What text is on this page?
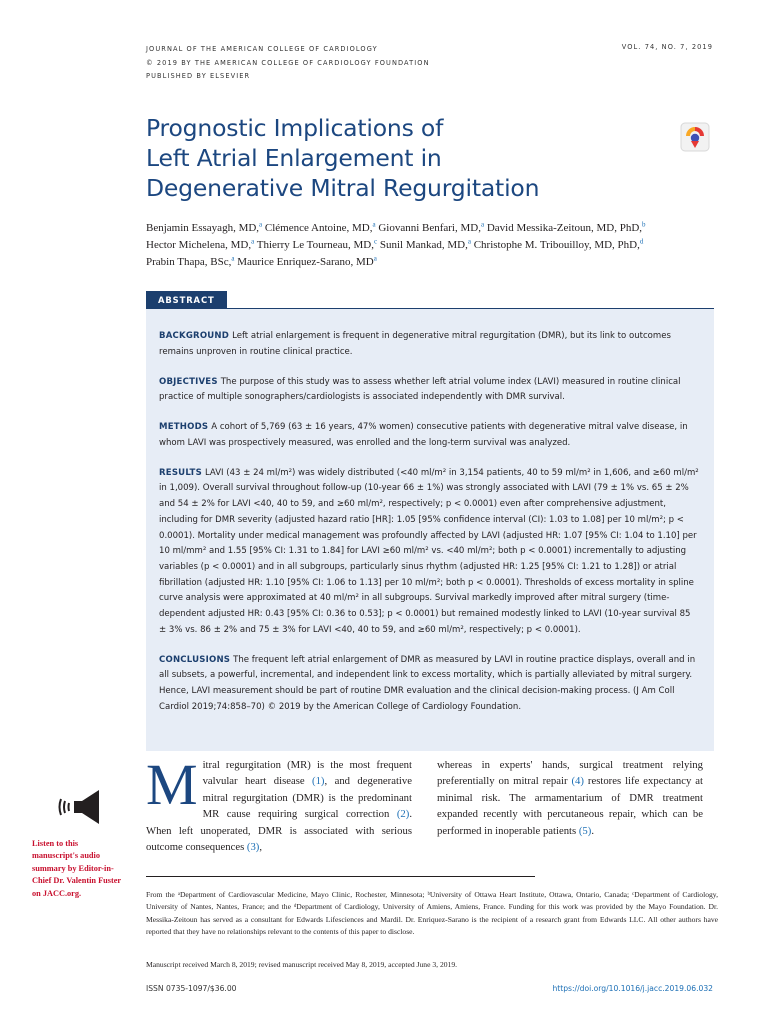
JOURNAL OF THE AMERICAN COLLEGE OF CARDIOLOGY
© 2019 BY THE AMERICAN COLLEGE OF CARDIOLOGY FOUNDATION
PUBLISHED BY ELSEVIER
VOL. 74, NO. 7, 2019
Prognostic Implications of
Left Atrial Enlargement in
Degenerative Mitral Regurgitation
Benjamin Essayagh, MD,$^a$ Clémence Antoine, MD,$^a$ Giovanni Benfari, MD,$^a$ David Messika-Zeitoun, MD, PhD,$^b$
Hector Michelena, MD,$^a$ Thierry Le Tourneau, MD,$^c$ Sunil Mankad, MD,$^a$ Christophe M. Tribouilloy, MD, PhD,$^d$
Prabin Thapa, BSc,$^a$ Maurice Enriquez-Sarano, MD$^a$
ABSTRACT

BACKGROUND Left atrial enlargement is frequent in degenerative mitral regurgitation (DMR), but its link to outcomes remains unproven in routine clinical practice.

OBJECTIVES The purpose of this study was to assess whether left atrial volume index (LAVI) measured in routine clinical practice of multiple sonographers/cardiologists is associated independently with DMR survival.

METHODS A cohort of 5,769 (63 ± 16 years, 47% women) consecutive patients with degenerative mitral valve disease, in whom LAVI was prospectively measured, was enrolled and the long-term survival was analyzed.

RESULTS LAVI (43 ± 24 ml/m²) was widely distributed (<40 ml/m² in 3,154 patients, 40 to 59 ml/m² in 1,606, and ≥60 ml/m² in 1,009). Overall survival throughout follow-up (10-year 66 ± 1%) was strongly associated with LAVI (79 ± 1% vs. 65 ± 2% and 54 ± 2% for LAVI <40, 40 to 59, and ≥60 ml/m², respectively; p < 0.0001) even after comprehensive adjustment, including for DMR severity (adjusted hazard ratio [HR]: 1.05 [95% confidence interval (CI): 1.03 to 1.08] per 10 ml/m²; p < 0.0001). Mortality under medical management was profoundly affected by LAVI (adjusted HR: 1.07 [95% CI: 1.04 to 1.10] per 10 ml/mm² and 1.55 [95% CI: 1.31 to 1.84] for LAVI ≥60 ml/m² vs. <40 ml/m²; both p < 0.0001) incrementally to adjusting variables (p < 0.0001) and in all subgroups, particularly sinus rhythm (adjusted HR: 1.25 [95% CI: 1.21 to 1.28]) or atrial fibrillation (adjusted HR: 1.10 [95% CI: 1.06 to 1.13] per 10 ml/m²; both p < 0.0001). Thresholds of excess mortality in spline curve analysis were approximated at 40 ml/m² in all subgroups. Survival markedly improved after mitral surgery (time-dependent adjusted HR: 0.43 [95% CI: 0.36 to 0.53]; p < 0.0001) but remained modestly linked to LAVI (10-year survival 85 ± 3% vs. 86 ± 2% and 75 ± 3% for LAVI <40, 40 to 59, and ≥60 ml/m², respectively; p < 0.0001).

CONCLUSIONS The frequent left atrial enlargement of DMR as measured by LAVI in routine practice displays, overall and in all subsets, a powerful, incremental, and independent link to excess mortality, which is partially alleviated by mitral surgery. Hence, LAVI measurement should be part of routine DMR evaluation and the clinical decision-making process. (J Am Coll Cardiol 2019;74:858–70) © 2019 by the American College of Cardiology Foundation.

Listen to this manuscript's audio summary by Editor-in-Chief Dr. Valentin Fuster on JACC.org.
Mitral regurgitation (MR) is the most frequent valvular heart disease (1), and degenerative mitral regurgitation (DMR) is the predominant MR cause requiring surgical correction (2). When left unoperated, DMR is associated with serious outcome consequences (3),
whereas in experts' hands, surgical treatment relying preferentially on mitral repair (4) restores life expectancy at minimal risk. The armamentarium of DMR treatment expanded recently with percutaneous repair, which can be performed in inoperable patients (5).
From the ᵃDepartment of Cardiovascular Medicine, Mayo Clinic, Rochester, Minnesota; ᵇUniversity of Ottawa Heart Institute, Ottawa, Ontario, Canada; ᶜDepartment of Cardiology, University of Nantes, Nantes, France; and the ᵈDepartment of Cardiology, University of Amiens, Amiens, France. Funding for this work was provided by the Mayo Foundation. Dr. Messika-Zeitoun has served as a consultant for Edwards Lifesciences and Mardil. Dr. Enriquez-Sarano is the recipient of a research grant from Edwards LLC. All other authors have reported that they have no relationships relevant to the contents of this paper to disclose.
Manuscript received March 8, 2019; revised manuscript received May 8, 2019, accepted June 3, 2019.
ISSN 0735-1097/$36.00	https://doi.org/10.1016/j.jacc.2019.06.032
